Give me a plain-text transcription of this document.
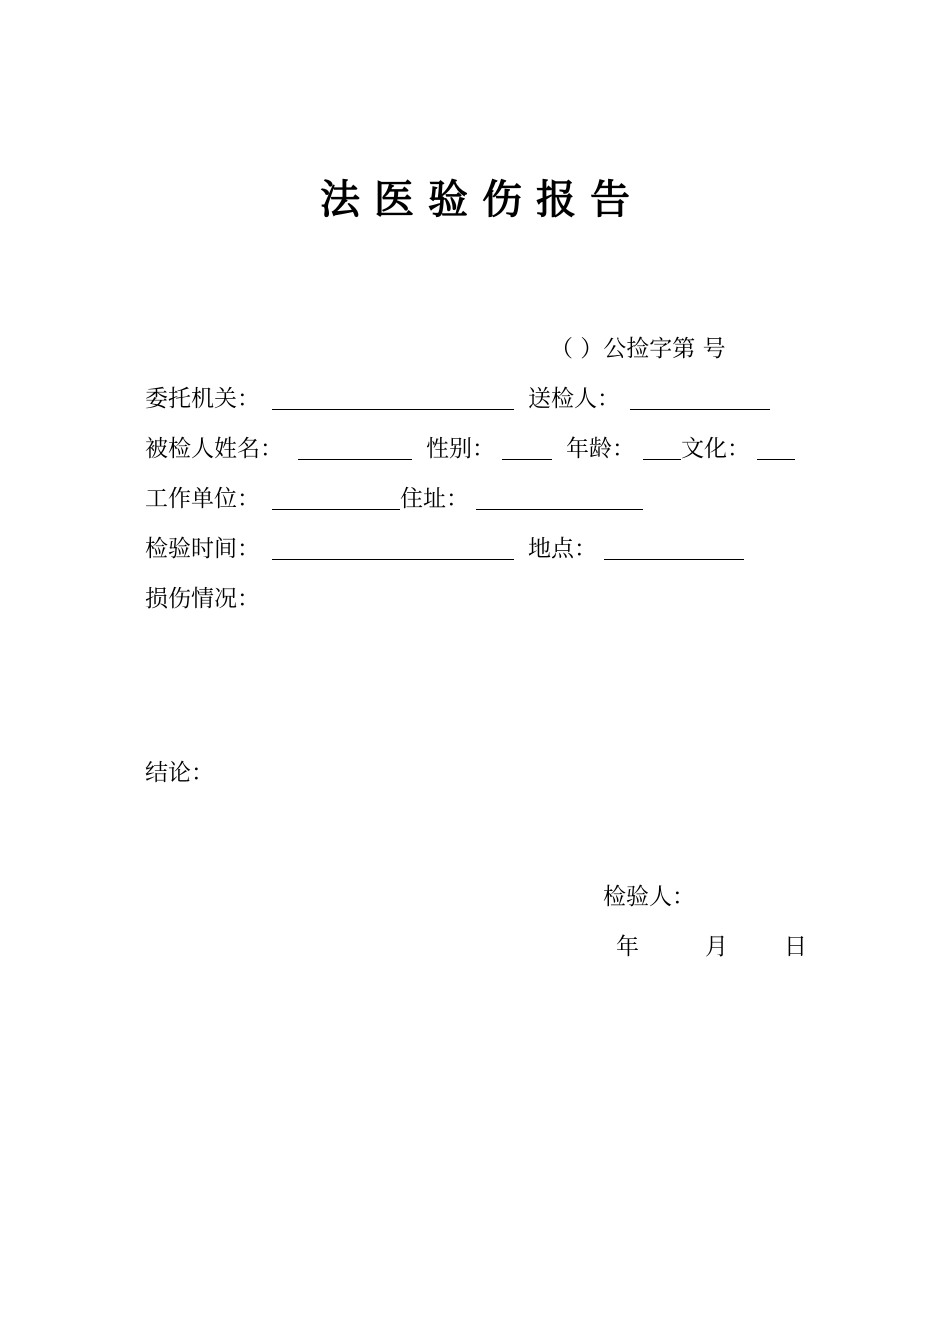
法医验伤报告
（ ）公捡字第 号
委托机关：	送检人：
被检人姓名：	性别：	年龄： 文化：
工作单位：	住址：
检验时间：	地点：
损伤情况：
结论：
检验人：
年	月 日
